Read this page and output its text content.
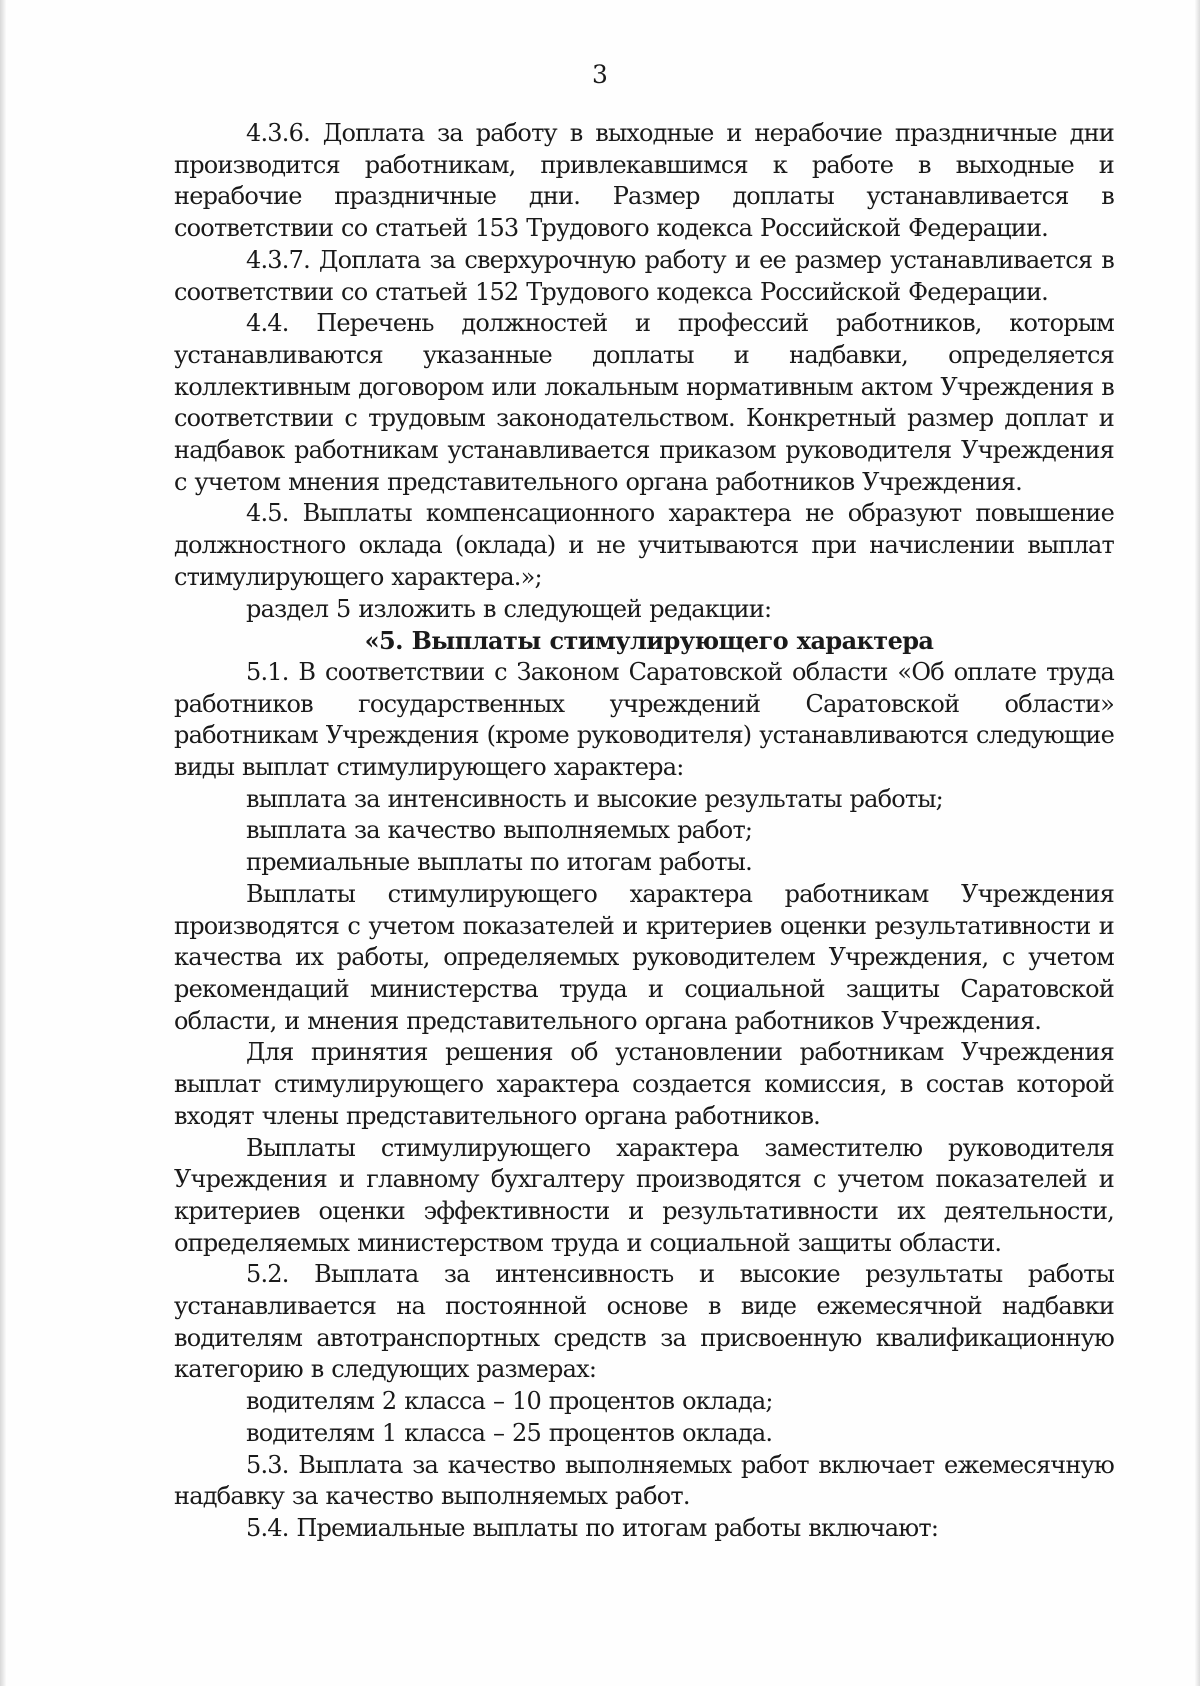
3

4.3.6. Доплата за работу в выходные и нерабочие праздничные дни производится работникам, привлекавшимся к работе в выходные и нерабочие праздничные дни. Размер доплаты устанавливается в соответствии со статьей 153 Трудового кодекса Российской Федерации.

4.3.7. Доплата за сверхурочную работу и ее размер устанавливается в соответствии со статьей 152 Трудового кодекса Российской Федерации.

4.4. Перечень должностей и профессий работников, которым устанавливаются указанные доплаты и надбавки, определяется коллективным договором или локальным нормативным актом Учреждения в соответствии с трудовым законодательством. Конкретный размер доплат и надбавок работникам устанавливается приказом руководителя Учреждения с учетом мнения представительного органа работников Учреждения.

4.5. Выплаты компенсационного характера не образуют повышение должностного оклада (оклада) и не учитываются при начислении выплат стимулирующего характера.»;

раздел 5 изложить в следующей редакции:

«5. Выплаты стимулирующего характера

5.1. В соответствии с Законом Саратовской области «Об оплате труда работников государственных учреждений Саратовской области» работникам Учреждения (кроме руководителя) устанавливаются следующие виды выплат стимулирующего характера:

выплата за интенсивность и высокие результаты работы;

выплата за качество выполняемых работ;

премиальные выплаты по итогам работы.

Выплаты стимулирующего характера работникам Учреждения производятся с учетом показателей и критериев оценки результативности и качества их работы, определяемых руководителем Учреждения, с учетом рекомендаций министерства труда и социальной защиты Саратовской области, и мнения представительного органа работников Учреждения.

Для принятия решения об установлении работникам Учреждения выплат стимулирующего характера создается комиссия, в состав которой входят члены представительного органа работников.

Выплаты стимулирующего характера заместителю руководителя Учреждения и главному бухгалтеру производятся с учетом показателей и критериев оценки эффективности и результативности их деятельности, определяемых министерством труда и социальной защиты области.

5.2. Выплата за интенсивность и высокие результаты работы устанавливается на постоянной основе в виде ежемесячной надбавки водителям автотранспортных средств за присвоенную квалификационную категорию в следующих размерах:

водителям 2 класса – 10 процентов оклада;

водителям 1 класса – 25 процентов оклада.

5.3. Выплата за качество выполняемых работ включает ежемесячную надбавку за качество выполняемых работ.

5.4. Премиальные выплаты по итогам работы включают:
